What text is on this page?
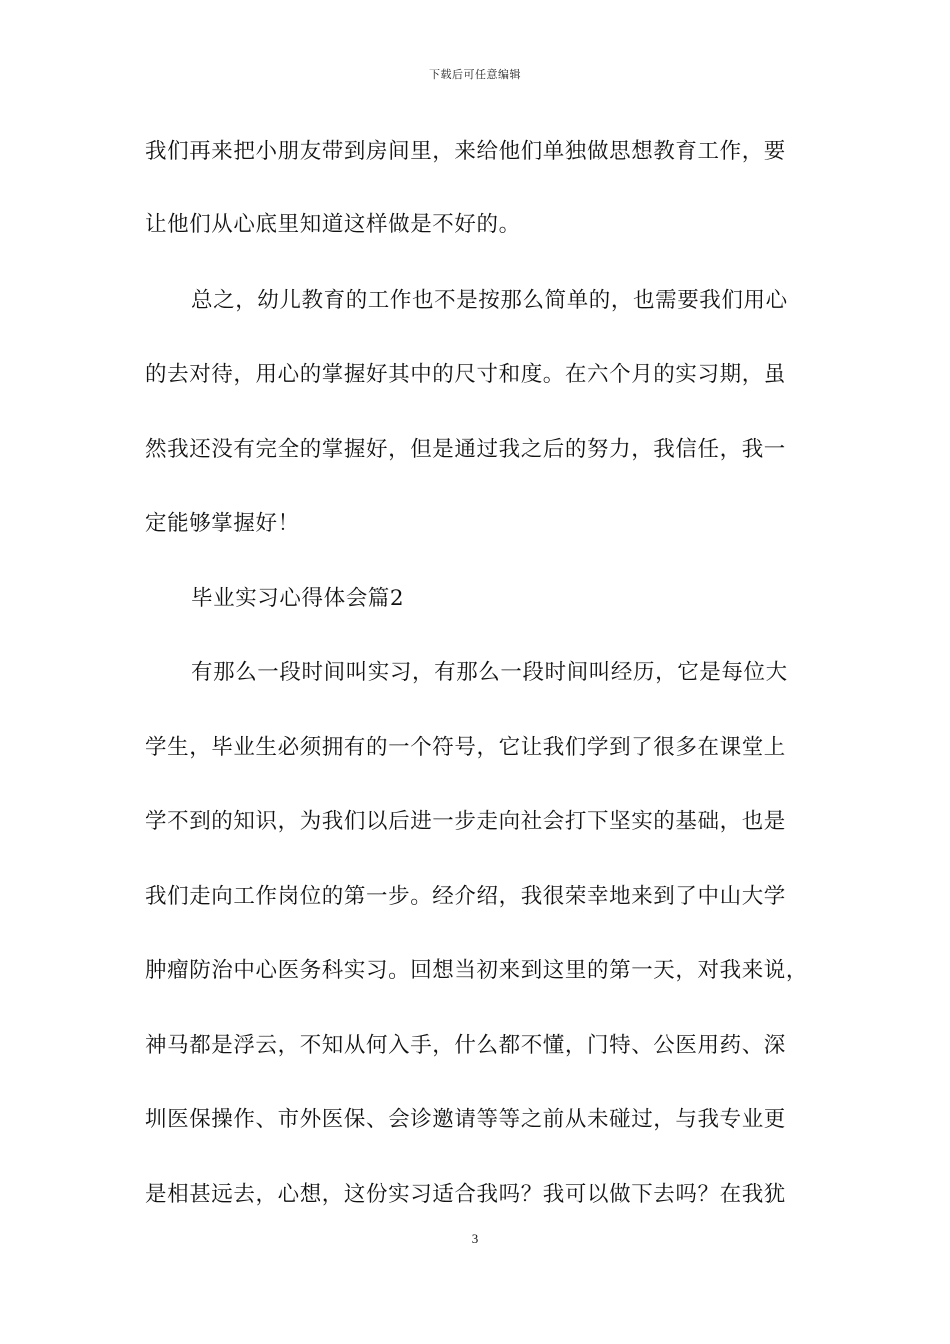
下载后可任意编辑
我们再来把小朋友带到房间里，来给他们单独做思想教育工作，要
让他们从心底里知道这样做是不好的。
总之，幼儿教育的工作也不是按那么简单的，也需要我们用心
的去对待，用心的掌握好其中的尺寸和度。在六个月的实习期，虽
然我还没有完全的掌握好，但是通过我之后的努力，我信任，我一
定能够掌握好！
毕业实习心得体会篇2
有那么一段时间叫实习，有那么一段时间叫经历，它是每位大
学生，毕业生必须拥有的一个符号，它让我们学到了很多在课堂上
学不到的知识，为我们以后进一步走向社会打下坚实的基础，也是
我们走向工作岗位的第一步。经介绍，我很荣幸地来到了中山大学
肿瘤防治中心医务科实习。回想当初来到这里的第一天，对我来说，
神马都是浮云，不知从何入手，什么都不懂，门特、公医用药、深
圳医保操作、市外医保、会诊邀请等等之前从未碰过，与我专业更
是相甚远去，心想，这份实习适合我吗？我可以做下去吗？在我犹
3
